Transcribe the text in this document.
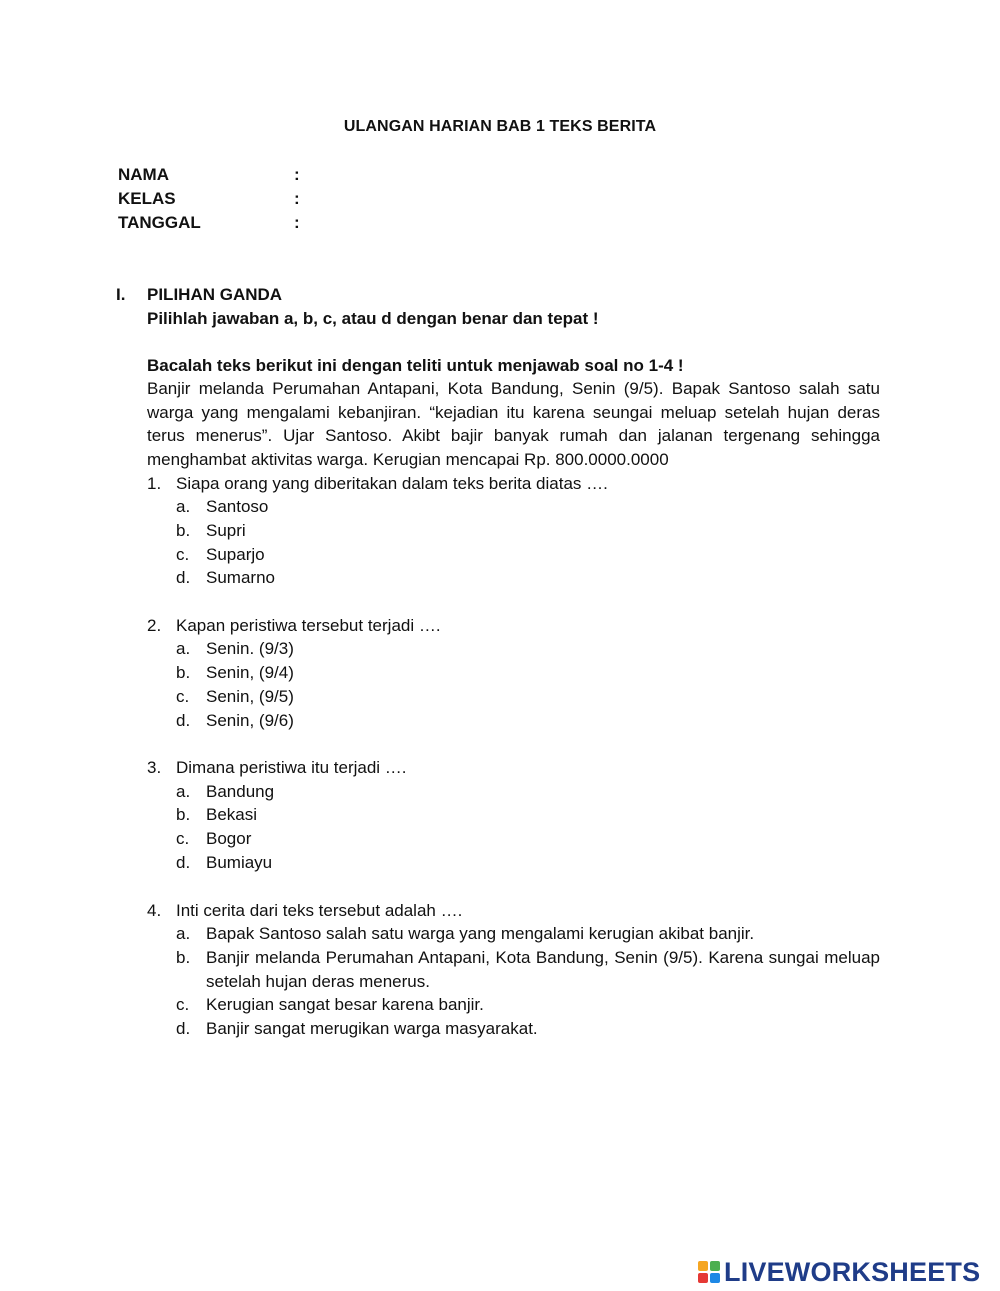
ULANGAN HARIAN BAB 1 TEKS BERITA
NAMA	:
KELAS	:
TANGGAL	:
I. PILIHAN GANDA
Pilihlah jawaban a, b, c, atau d dengan benar dan tepat !
Bacalah teks berikut ini dengan teliti untuk menjawab soal no 1-4 !
Banjir melanda Perumahan Antapani, Kota Bandung, Senin (9/5). Bapak Santoso salah satu
warga yang mengalami kebanjiran. “kejadian itu karena seungai meluap setelah hujan deras
terus menerus”. Ujar Santoso. Akibt bajir banyak rumah dan jalanan tergenang sehingga
menghambat aktivitas warga. Kerugian mencapai Rp. 800.0000.0000
1. Siapa orang yang diberitakan dalam teks berita diatas ….
a. Santoso
b. Supri
c. Suparjo
d. Sumarno
2. Kapan peristiwa tersebut terjadi ….
a. Senin. (9/3)
b. Senin, (9/4)
c. Senin, (9/5)
d. Senin, (9/6)
3. Dimana peristiwa itu terjadi ….
a. Bandung
b. Bekasi
c. Bogor
d. Bumiayu
4. Inti cerita dari teks tersebut adalah ….
a. Bapak Santoso salah satu warga yang mengalami kerugian akibat banjir.
b. Banjir melanda Perumahan Antapani, Kota Bandung, Senin (9/5). Karena sungai meluap setelah hujan deras menerus.
c. Kerugian sangat besar karena banjir.
d. Banjir sangat merugikan warga masyarakat.
LIVEWORKSHEETS
